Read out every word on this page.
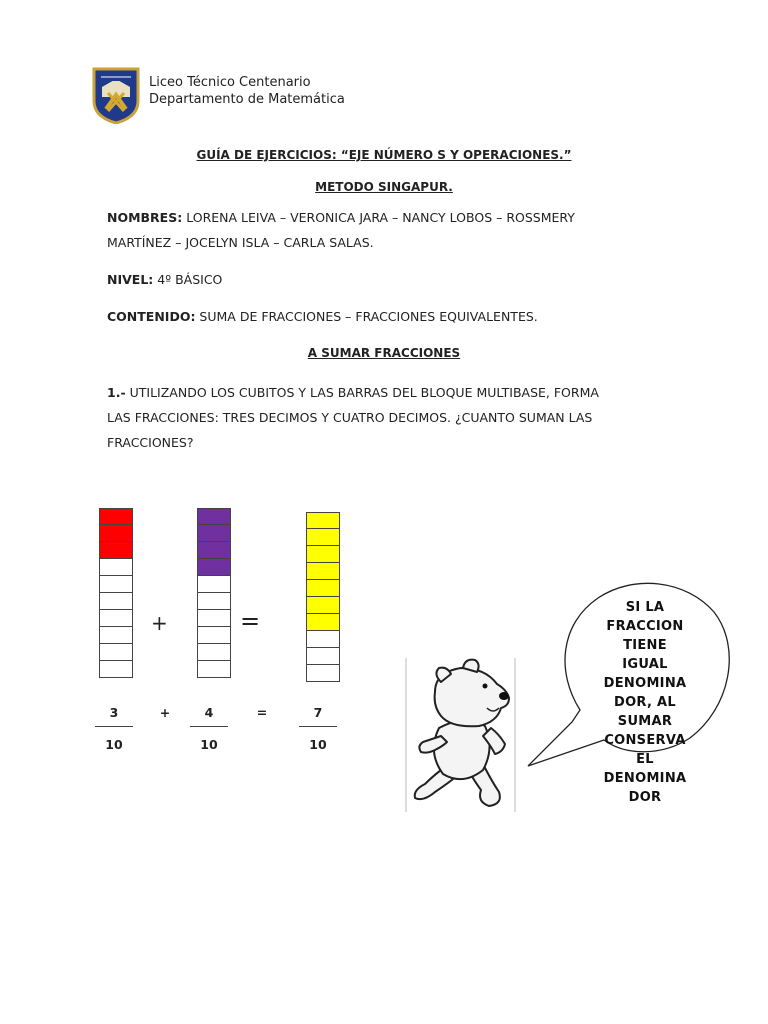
Liceo Técnico Centenario
Departamento de Matemática
GUÍA DE EJERCICIOS: “EJE NÚMERO S Y OPERACIONES.”
METODO SINGAPUR.
NOMBRES: LORENA LEIVA – VERONICA JARA – NANCY LOBOS – ROSSMERY
MARTÍNEZ – JOCELYN ISLA – CARLA SALAS.
NIVEL: 4º BÁSICO
CONTENIDO: SUMA DE FRACCIONES – FRACCIONES EQUIVALENTES.
A SUMAR FRACCIONES
1.- UTILIZANDO LOS CUBITOS Y LAS BARRAS DEL BLOQUE MULTIBASE, FORMA
LAS FRACCIONES: TRES DECIMOS Y CUATRO DECIMOS. ¿CUANTO SUMAN LAS
FRACCIONES?
+	=
3
10
+	4
10
=	7
10
SI LA
FRACCION
TIENE
IGUAL
DENOMINA
DOR, AL
SUMAR
CONSERVA
EL
DENOMINA
DOR
